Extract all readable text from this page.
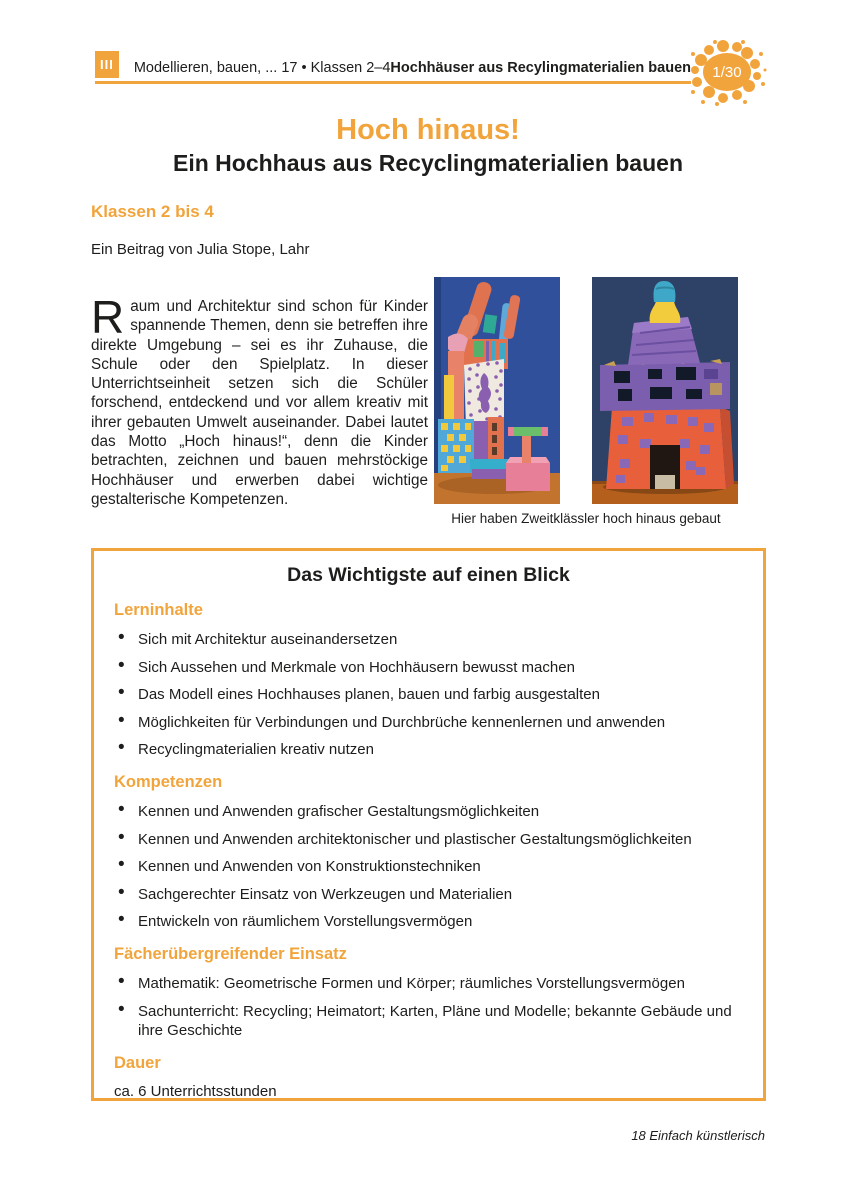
III	Modellieren, bauen, ... 17 • Klassen 2–4 Hochhäuser aus Recylingmaterialien bauen 1/30
Hoch hinaus!
Ein Hochhaus aus Recyclingmaterialien bauen
Klassen 2 bis 4
Ein Beitrag von Julia Stope, Lahr

Raum und Architektur sind schon für Kinder spannende Themen, denn sie betreffen ihre direkte Umgebung – sei es ihr Zuhause, die Schule oder den Spielplatz. In dieser Unterrichtseinheit setzen sich die Schüler forschend, entdeckend und vor allem kreativ mit ihrer gebauten Umwelt auseinander. Dabei lautet das Motto „Hoch hinaus!“, denn die Kinder betrachten, zeichnen und bauen mehrstöckige Hochhäuser und erwerben dabei wichtige gestalterische Kompetenzen.

Hier haben Zweitklässler hoch hinaus gebaut
Das Wichtigste auf einen Blick
Lerninhalte
• Sich mit Architektur auseinandersetzen
• Sich Aussehen und Merkmale von Hochhäusern bewusst machen
• Das Modell eines Hochhauses planen, bauen und farbig ausgestalten
• Möglichkeiten für Verbindungen und Durchbrüche kennenlernen und anwenden
• Recyclingmaterialien kreativ nutzen
Kompetenzen
• Kennen und Anwenden grafischer Gestaltungsmöglichkeiten
• Kennen und Anwenden architektonischer und plastischer Gestaltungsmöglichkeiten
• Kennen und Anwenden von Konstruktionstechniken
• Sachgerechter Einsatz von Werkzeugen und Materialien
• Entwickeln von räumlichem Vorstellungsvermögen
Fächerübergreifender Einsatz
• Mathematik: Geometrische Formen und Körper; räumliches Vorstellungsvermögen
• Sachunterricht: Recycling; Heimatort; Karten, Pläne und Modelle; bekannte Gebäude und ihre Geschichte
Dauer
ca. 6 Unterrichtsstunden
18 Einfach künstlerisch
